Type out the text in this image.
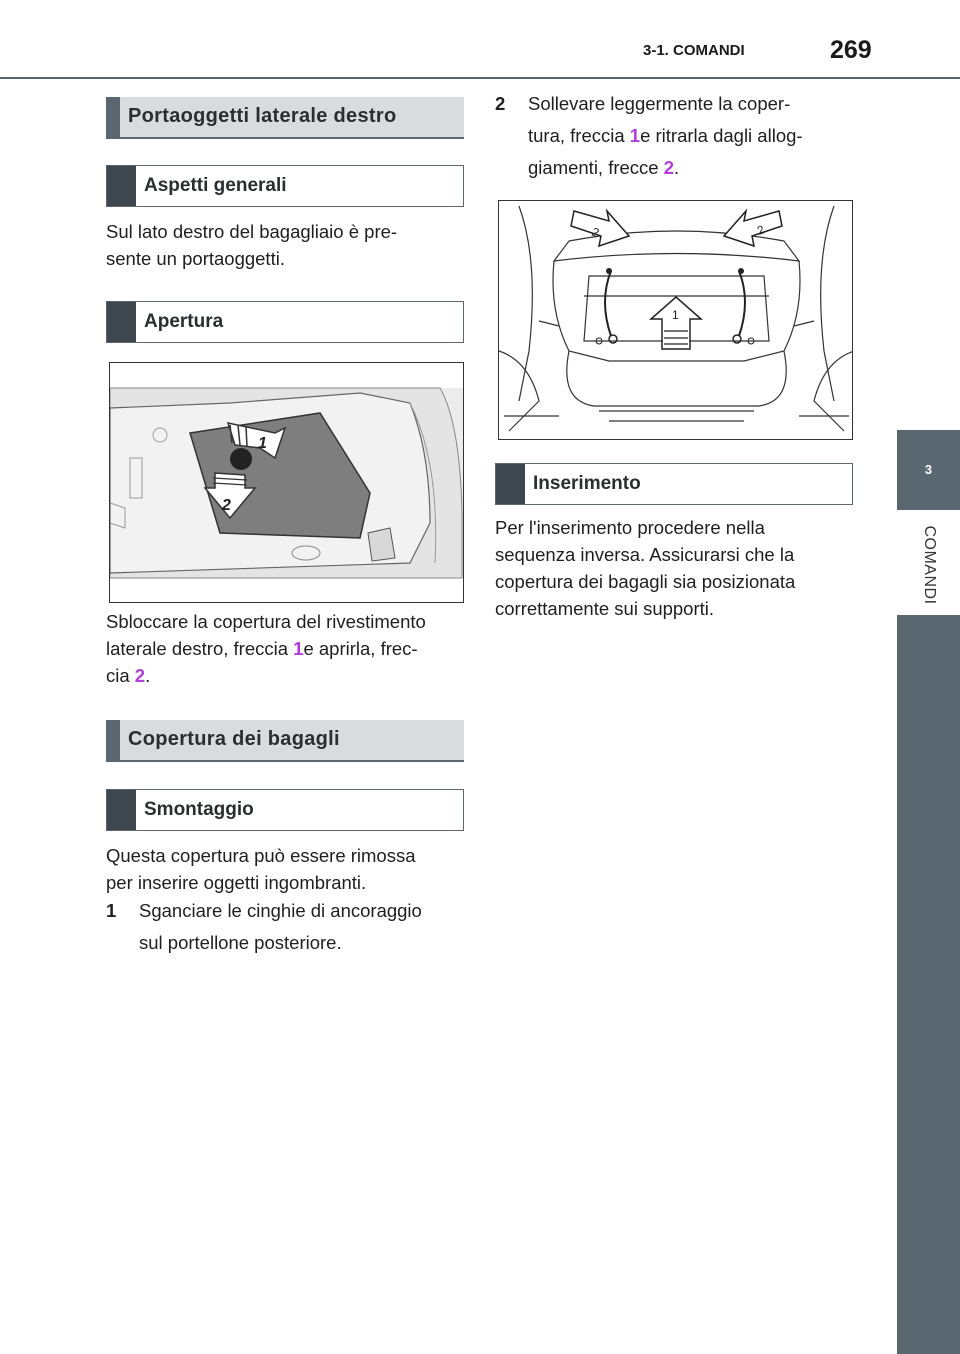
3-1. COMANDI	269
3
COMANDI
Portaoggetti laterale destro
Aspetti generali
Sul lato destro del bagagliaio è pre-
sente un portaoggetti.
Apertura
1
2
Sbloccare la copertura del rivestimento
laterale destro, freccia 1e aprirla, frec-
cia 2.
Copertura dei bagagli
Smontaggio
Questa copertura può essere rimossa
per inserire oggetti ingombranti.
1 Sganciare le cinghie di ancoraggio
sul portellone posteriore.
2 Sollevare leggermente la coper-
tura, freccia 1e ritrarla dagli allog-
giamenti, frecce 2.
1
2	2
Inserimento
Per l'inserimento procedere nella
sequenza inversa. Assicurarsi che la
copertura dei bagagli sia posizionata
correttamente sui supporti.
